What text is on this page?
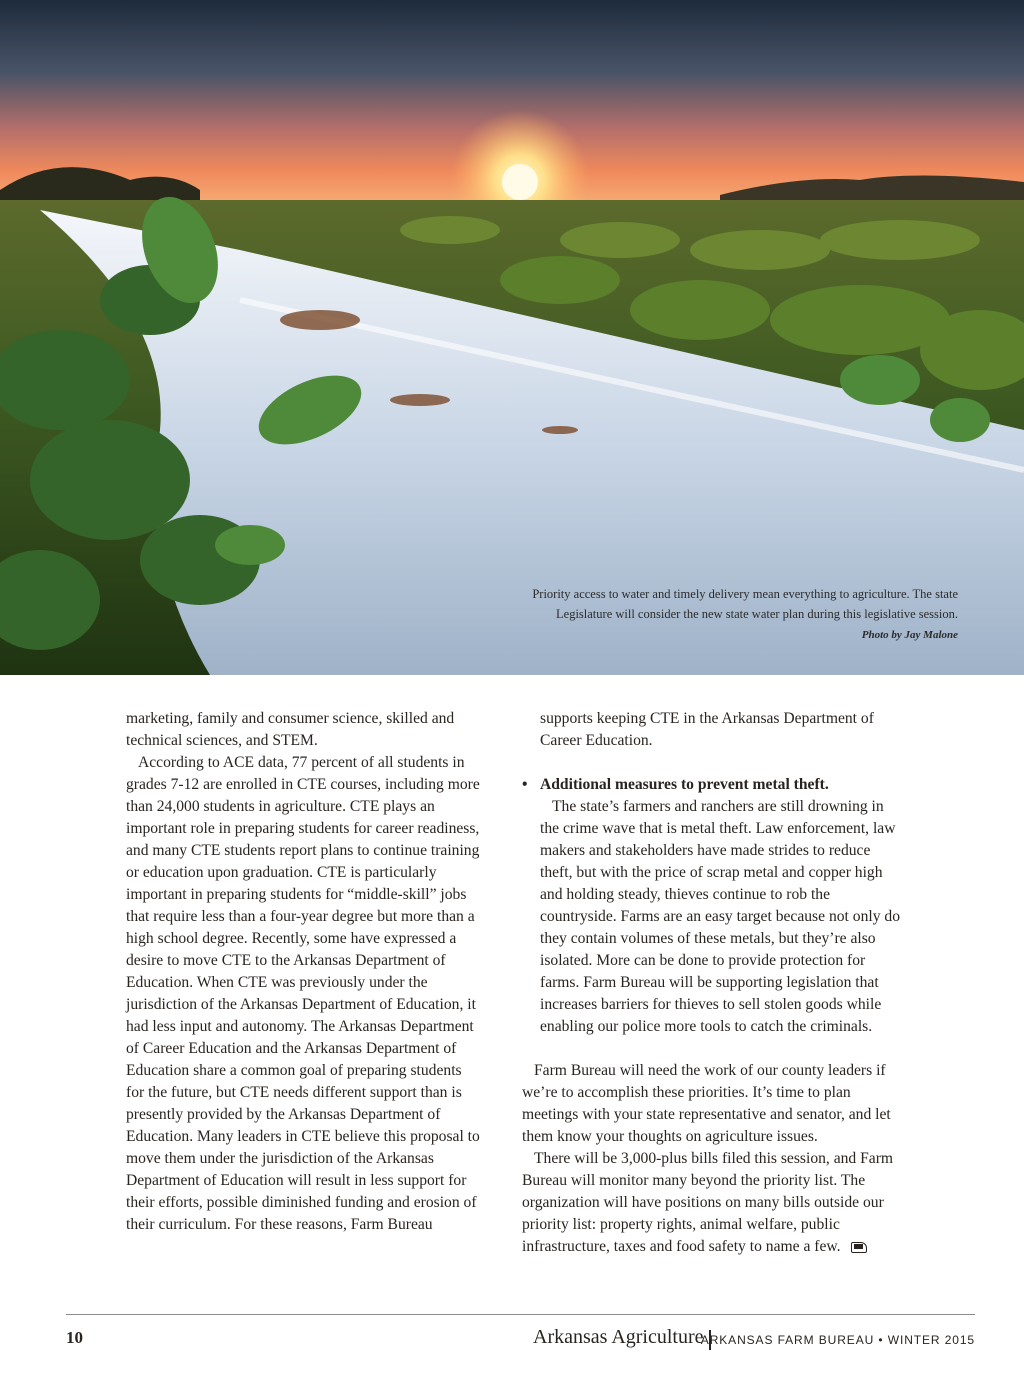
Priority access to water and timely delivery mean everything to agriculture. The state
Legislature will consider the new state water plan during this legislative session.
Photo by Jay Malone

marketing, family and consumer science, skilled and technical sciences, and STEM.

According to ACE data, 77 percent of all students in grades 7-12 are enrolled in CTE courses, including more than 24,000 students in agriculture. CTE plays an important role in preparing students for career readiness, and many CTE students report plans to continue training or education upon graduation. CTE is particularly important in preparing students for “middle-skill” jobs that require less than a four-year degree but more than a high school degree. Recently, some have expressed a desire to move CTE to the Arkansas Department of Education. When CTE was previously under the jurisdiction of the Arkansas Department of Education, it had less input and autonomy. The Arkansas Department of Career Education and the Arkansas Department of Education share a common goal of preparing students for the future, but CTE needs different support than is presently provided by the Arkansas Department of Education. Many leaders in CTE believe this proposal to move them under the jurisdiction of the Arkansas Department of Education will result in less support for their efforts, possible diminished funding and erosion of their curriculum. For these reasons, Farm Bureau

supports keeping CTE in the Arkansas Department of Career Education.

• Additional measures to prevent metal theft.

The state’s farmers and ranchers are still drowning in the crime wave that is metal theft. Law enforcement, law makers and stakeholders have made strides to reduce theft, but with the price of scrap metal and copper high and holding steady, thieves continue to rob the countryside. Farms are an easy target because not only do they contain volumes of these metals, but they’re also isolated. More can be done to provide protection for farms. Farm Bureau will be supporting legislation that increases barriers for thieves to sell stolen goods while enabling our police more tools to catch the criminals.

Farm Bureau will need the work of our county leaders if we’re to accomplish these priorities. It’s time to plan meetings with your state representative and senator, and let them know your thoughts on agriculture issues.

There will be 3,000-plus bills filed this session, and Farm Bureau will monitor many beyond the priority list. The organization will have positions on many bills outside our priority list: property rights, animal welfare, public infrastructure, taxes and food safety to name a few.

10	Arkansas Agriculture
ARKANSAS FARM BUREAU • WINTER 2015
